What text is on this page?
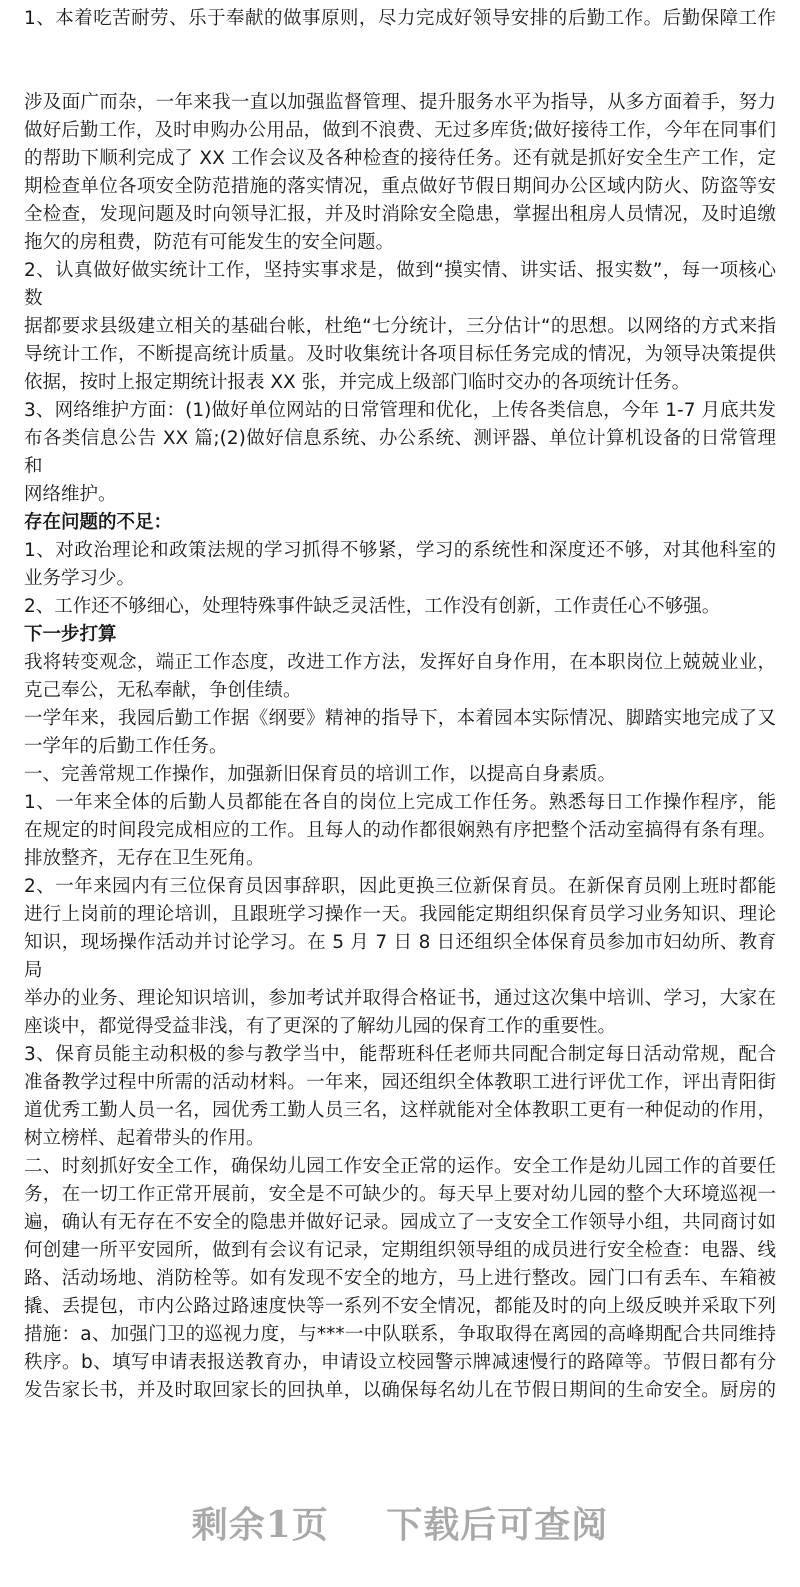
1、本着吃苦耐劳、乐于奉献的做事原则，尽力完成好领导安排的后勤工作。后勤保障工作
涉及面广而杂，一年来我一直以加强监督管理、提升服务水平为指导，从多方面着手，努力
做好后勤工作，及时申购办公用品，做到不浪费、无过多库货;做好接待工作，今年在同事们
的帮助下顺利完成了 XX 工作会议及各种检查的接待任务。还有就是抓好安全生产工作，定
期检查单位各项安全防范措施的落实情况，重点做好节假日期间办公区域内防火、防盗等安
全检查，发现问题及时向领导汇报，并及时消除安全隐患，掌握出租房人员情况，及时追缴
拖欠的房租费，防范有可能发生的安全问题。
2、认真做好做实统计工作，坚持实事求是，做到“摸实情、讲实话、报实数”，每一项核心数
据都要求县级建立相关的基础台帐，杜绝“七分统计，三分估计“的思想。以网络的方式来指
导统计工作，不断提高统计质量。及时收集统计各项目标任务完成的情况，为领导决策提供
依据，按时上报定期统计报表 XX 张，并完成上级部门临时交办的各项统计任务。
3、网络维护方面：(1)做好单位网站的日常管理和优化，上传各类信息，今年 1-7 月底共发
布各类信息公告 XX 篇;(2)做好信息系统、办公系统、测评器、单位计算机设备的日常管理和
网络维护。
存在问题的不足：
1、对政治理论和政策法规的学习抓得不够紧，学习的系统性和深度还不够，对其他科室的
业务学习少。
2、工作还不够细心，处理特殊事件缺乏灵活性，工作没有创新，工作责任心不够强。
下一步打算
我将转变观念，端正工作态度，改进工作方法，发挥好自身作用，在本职岗位上兢兢业业，
克己奉公，无私奉献，争创佳绩。
一学年来，我园后勤工作据《纲要》精神的指导下，本着园本实际情况、脚踏实地完成了又
一学年的后勤工作任务。
一、完善常规工作操作，加强新旧保育员的培训工作，以提高自身素质。
1、一年来全体的后勤人员都能在各自的岗位上完成工作任务。熟悉每日工作操作程序，能
在规定的时间段完成相应的工作。且每人的动作都很娴熟有序把整个活动室搞得有条有理。
排放整齐，无存在卫生死角。
2、一年来园内有三位保育员因事辞职，因此更换三位新保育员。在新保育员刚上班时都能
进行上岗前的理论培训，且跟班学习操作一天。我园能定期组织保育员学习业务知识、理论
知识，现场操作活动并讨论学习。在 5 月 7 日 8 日还组织全体保育员参加市妇幼所、教育局
举办的业务、理论知识培训，参加考试并取得合格证书，通过这次集中培训、学习，大家在
座谈中，都觉得受益非浅，有了更深的了解幼儿园的保育工作的重要性。
3、保育员能主动积极的参与教学当中，能帮班科任老师共同配合制定每日活动常规，配合
准备教学过程中所需的活动材料。一年来，园还组织全体教职工进行评优工作，评出青阳街
道优秀工勤人员一名，园优秀工勤人员三名，这样就能对全体教职工更有一种促动的作用，
树立榜样、起着带头的作用。
二、时刻抓好安全工作，确保幼儿园工作安全正常的运作。安全工作是幼儿园工作的首要任
务，在一切工作正常开展前，安全是不可缺少的。每天早上要对幼儿园的整个大环境巡视一
遍，确认有无存在不安全的隐患并做好记录。园成立了一支安全工作领导小组，共同商讨如
何创建一所平安园所，做到有会议有记录，定期组织领导组的成员进行安全检查：电器、线
路、活动场地、消防栓等。如有发现不安全的地方，马上进行整改。园门口有丢车、车箱被
撬、丢提包，市内公路过路速度快等一系列不安全情况，都能及时的向上级反映并采取下列
措施：a、加强门卫的巡视力度，与***一中队联系，争取取得在离园的高峰期配合共同维持
秩序。b、填写申请表报送教育办，申请设立校园警示牌减速慢行的路障等。节假日都有分
发告家长书，并及时取回家长的回执单，以确保每名幼儿在节假日期间的生命安全。厨房的
剩余1页 下载后可查阅
